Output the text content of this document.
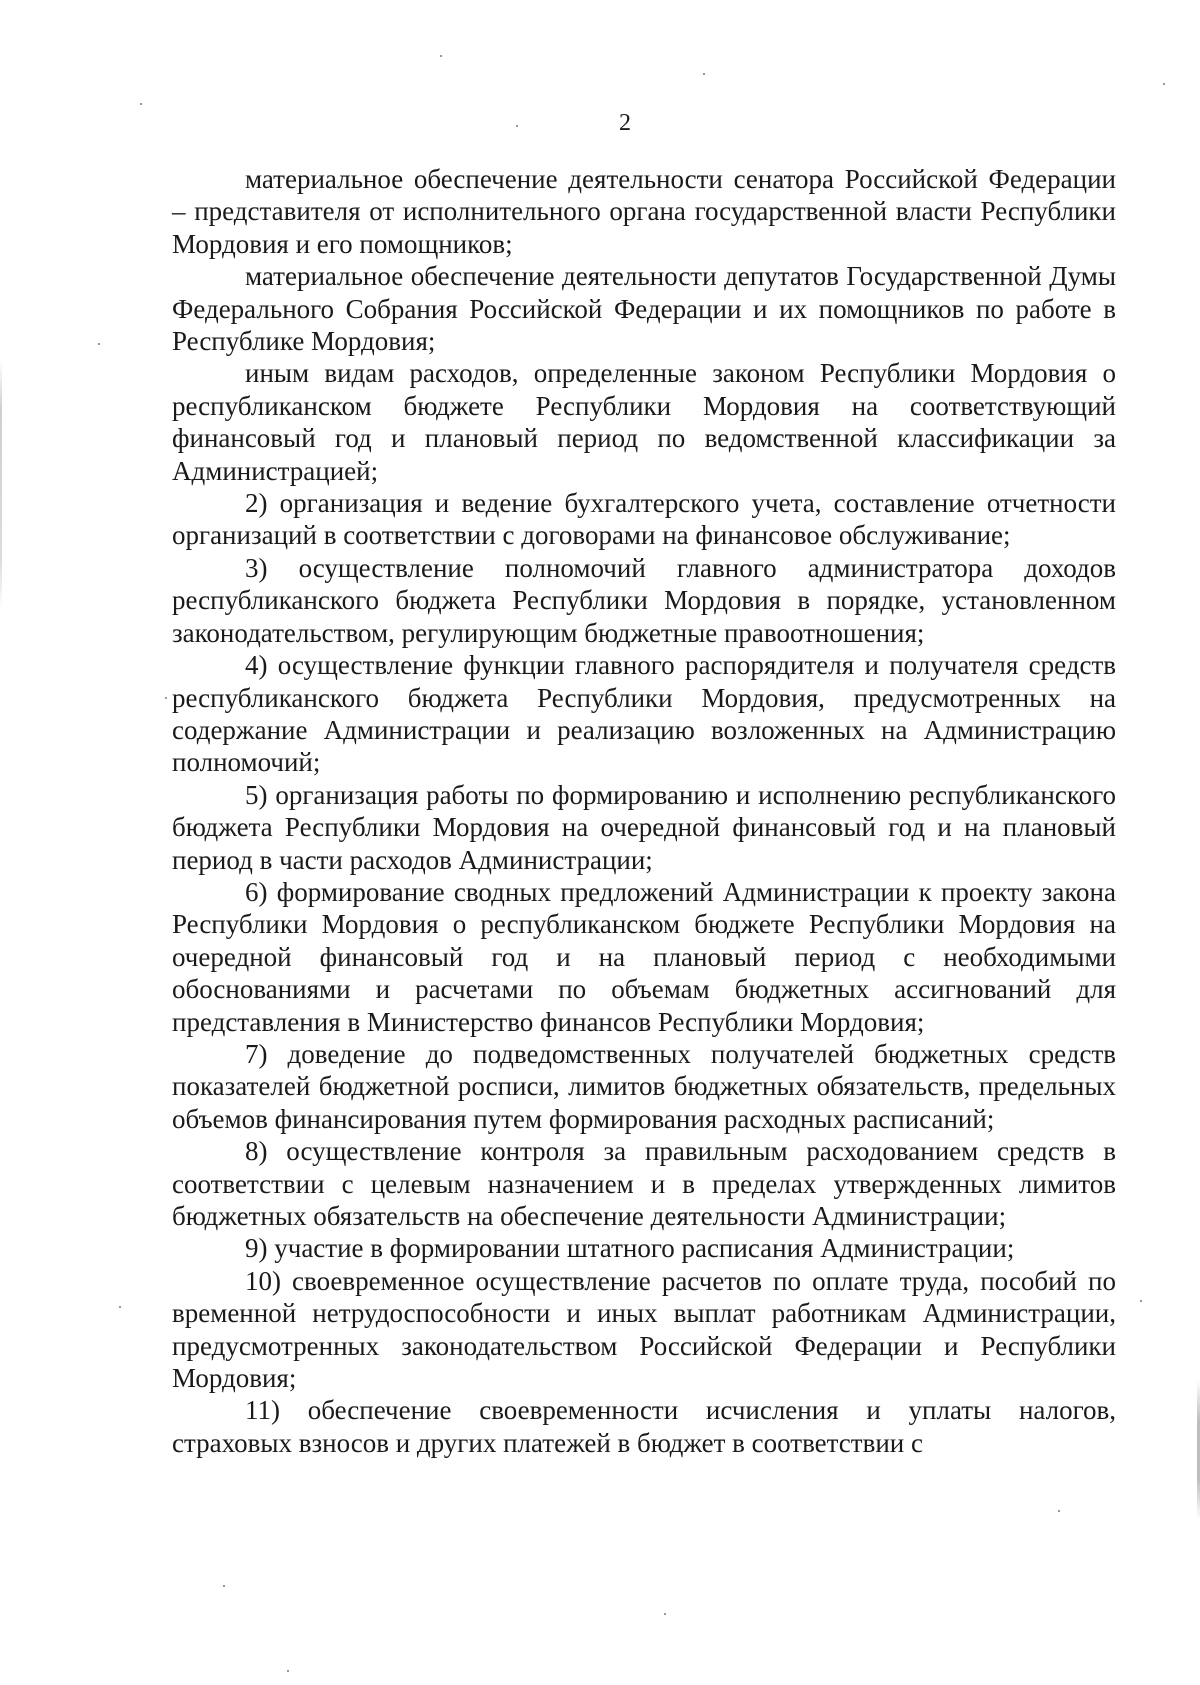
2

материальное обеспечение деятельности сенатора Российской Федерации – представителя от исполнительного органа государственной власти Республики Мордовия и его помощников;

материальное обеспечение деятельности депутатов Государственной Думы Федерального Собрания Российской Федерации и их помощников по работе в Республике Мордовия;

иным видам расходов, определенные законом Республики Мордовия о республиканском бюджете Республики Мордовия на соответствующий финансовый год и плановый период по ведомственной классификации за Администрацией;

2) организация и ведение бухгалтерского учета, составление отчетности организаций в соответствии с договорами на финансовое обслуживание;

3) осуществление полномочий главного администратора доходов республиканского бюджета Республики Мордовия в порядке, установленном законодательством, регулирующим бюджетные правоотношения;

4) осуществление функции главного распорядителя и получателя средств республиканского бюджета Республики Мордовия, предусмотренных на содержание Администрации и реализацию возложенных на Администрацию полномочий;

5) организация работы по формированию и исполнению республиканского бюджета Республики Мордовия на очередной финансовый год и на плановый период в части расходов Администрации;

6) формирование сводных предложений Администрации к проекту закона Республики Мордовия о республиканском бюджете Республики Мордовия на очередной финансовый год и на плановый период с необходимыми обоснованиями и расчетами по объемам бюджетных ассигнований для представления в Министерство финансов Республики Мордовия;

7) доведение до подведомственных получателей бюджетных средств показателей бюджетной росписи, лимитов бюджетных обязательств, предельных объемов финансирования путем формирования расходных расписаний;

8) осуществление контроля за правильным расходованием средств в соответствии с целевым назначением и в пределах утвержденных лимитов бюджетных обязательств на обеспечение деятельности Администрации;

9) участие в формировании штатного расписания Администрации;

10) своевременное осуществление расчетов по оплате труда, пособий по временной нетрудоспособности и иных выплат работникам Администрации, предусмотренных законодательством Российской Федерации и Республики Мордовия;

11) обеспечение своевременности исчисления и уплаты налогов, страховых взносов и других платежей в бюджет в соответствии с
